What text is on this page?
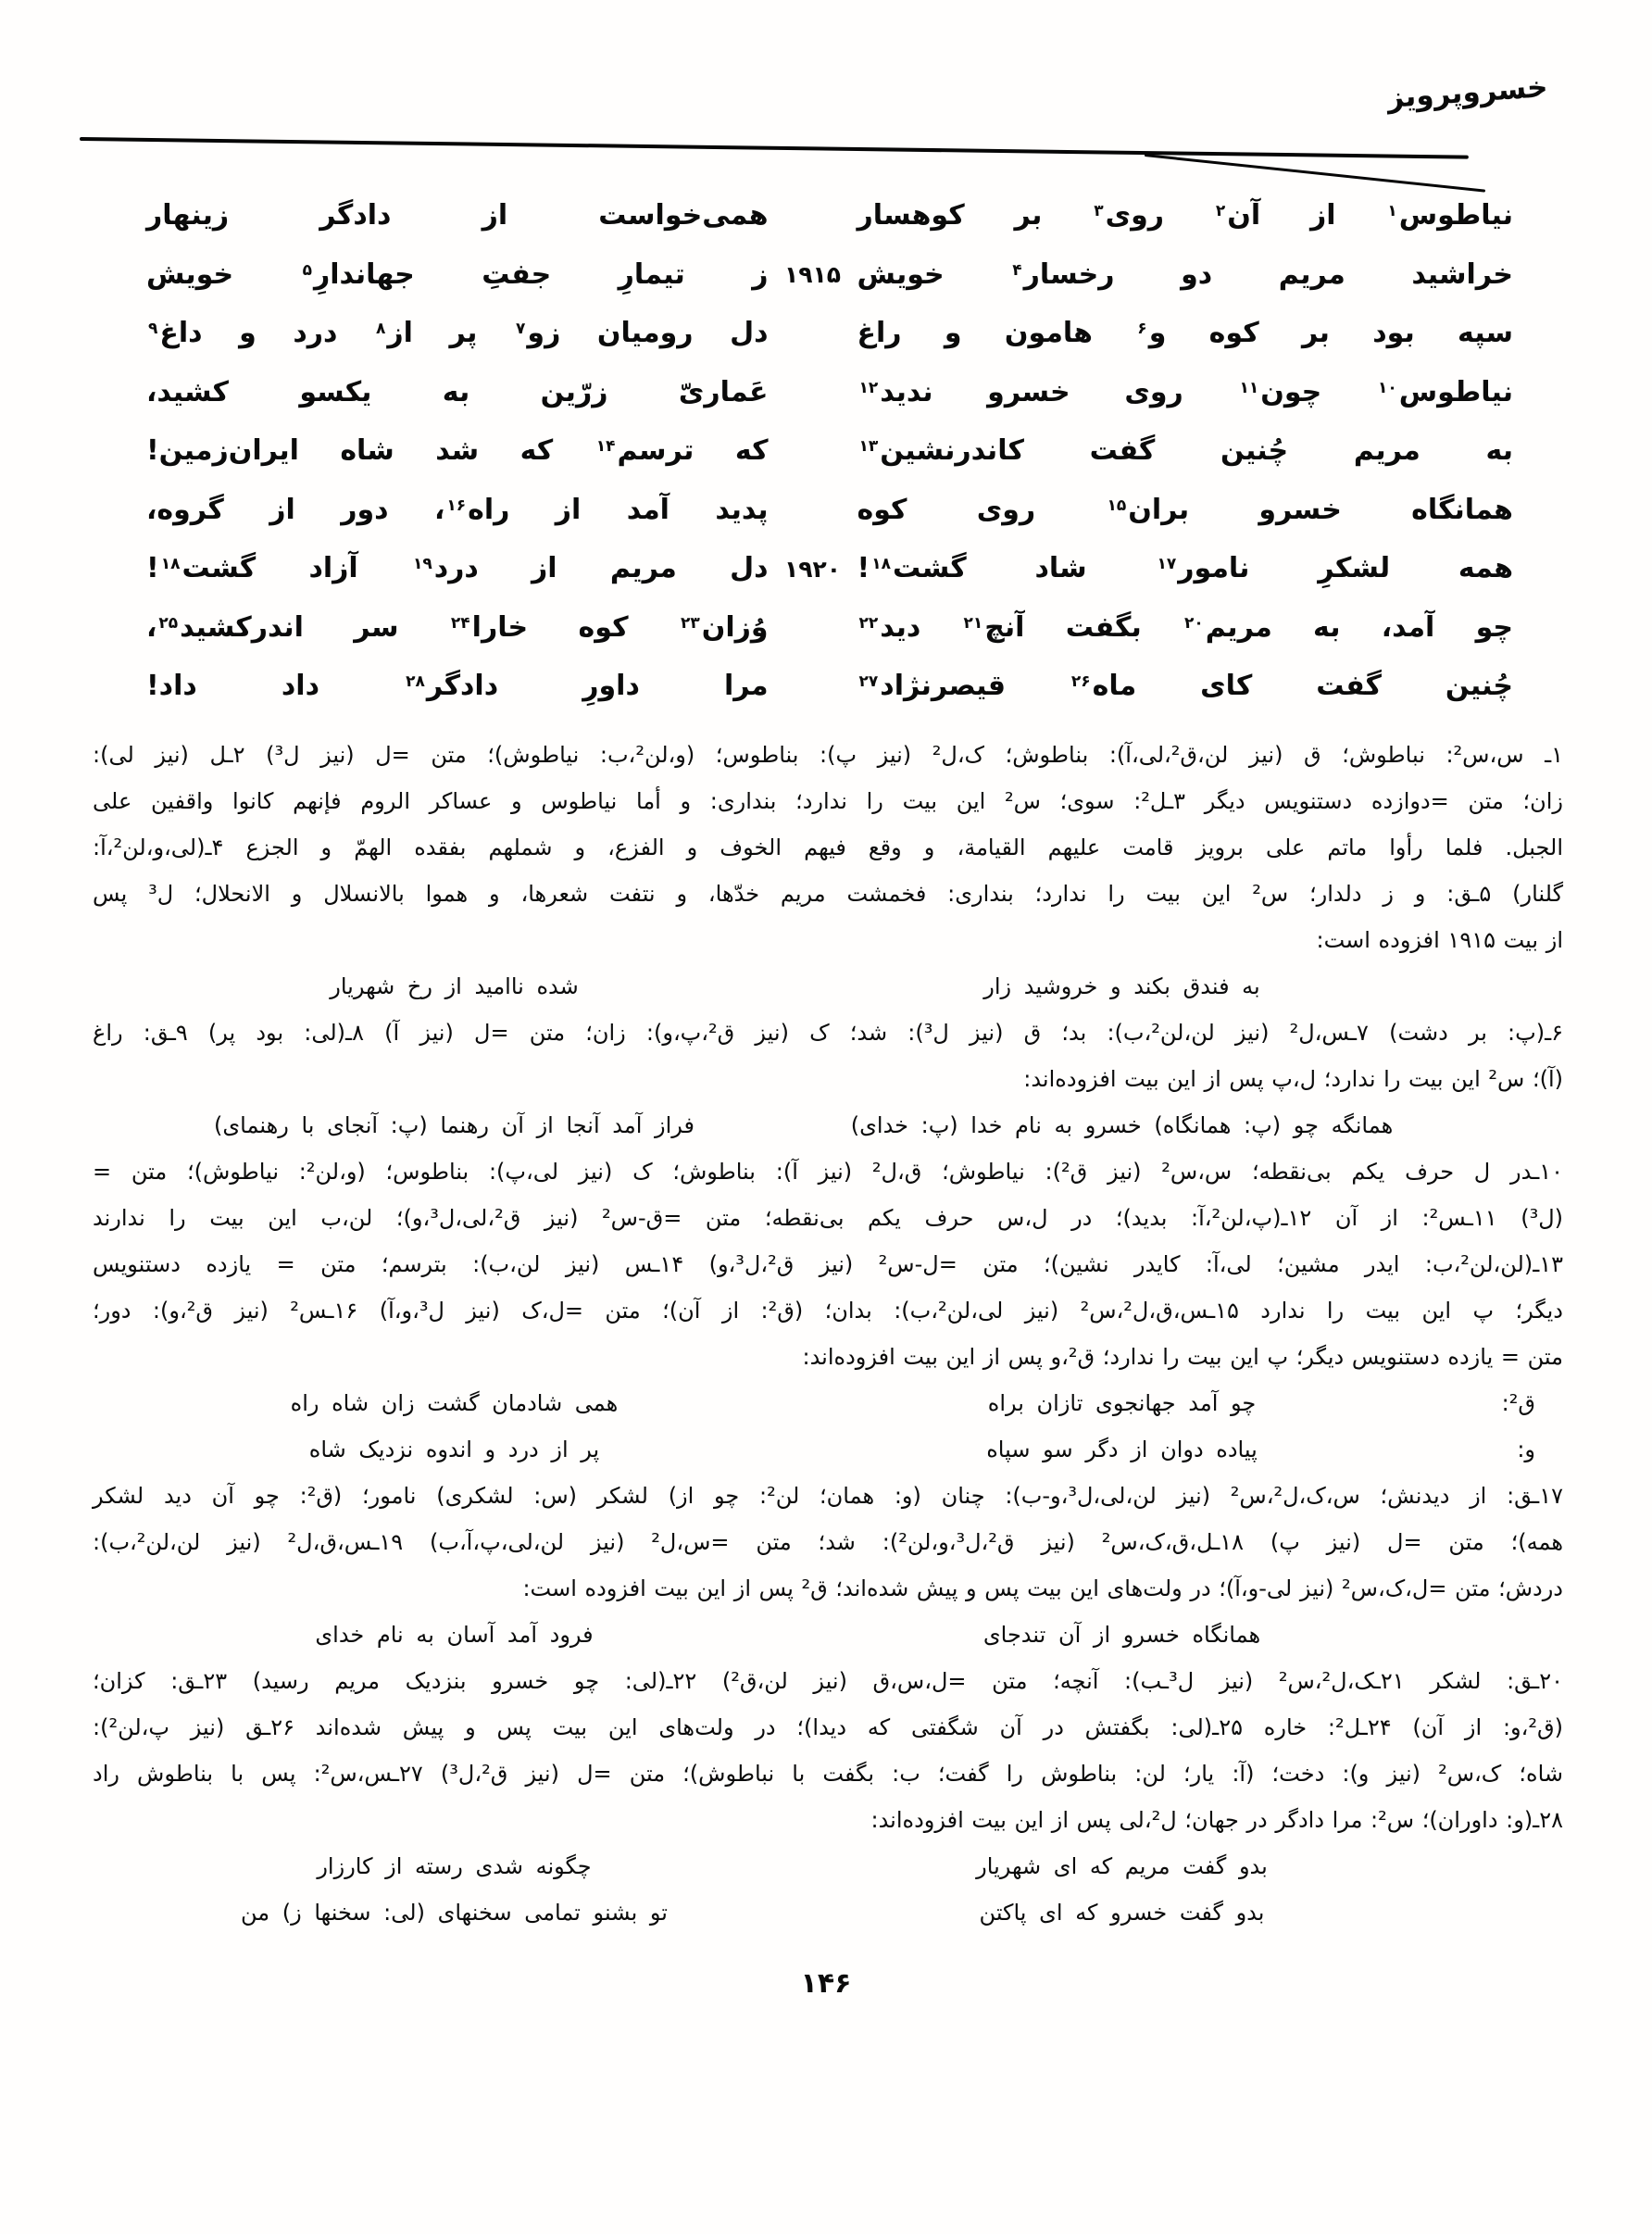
خسروپرویز
نیاطوس$^۱$ از آن$^۲$ روی$^۳$ بر کوهسار
همی‌خواست از دادگر زینهار
خراشید مریم دو رخسار$^۴$ خویش
۱۹۱۵
ز تیمارِ جفتِ جهاندارِ$^۵$ خویش
سپه بود بر کوه و$^۶$ هامون و راغ
دل رومیان زو$^۷$ پر از$^۸$ درد و داغ$^۹$
نیاطوس$^{۱۰}$ چون$^{۱۱}$ روی خسرو ندید$^{۱۲}$
عَماریّ زرّین به یکسو کشید،
به مریم چُنین گفت کاندرنشین$^{۱۳}$
که ترسم$^{۱۴}$ که شد شاه ایران‌زمین!
همانگاه خسرو بران$^{۱۵}$ روی کوه
پدید آمد از راه$^{۱۶}$، دور از گروه،
همه لشکرِ نامور$^{۱۷}$ شاد گشت$^{۱۸}$!
۱۹۲۰
دل مریم از درد$^{۱۹}$ آزاد گشت$^{۱۸}$!
چو آمد، به مریم$^{۲۰}$ بگفت آنچ$^{۲۱}$ دید$^{۲۲}$
وُزان$^{۲۳}$ کوه خارا$^{۲۴}$ سر اندرکشید$^{۲۵}$،
چُنین گفت کای ماه$^{۲۶}$ قیصرنژاد$^{۲۷}$
مرا داورِ دادگر$^{۲۸}$ داد داد!
۱ـ س،س²: نباطوش؛ ق (نیز لن،ق²،لی،آ): بناطوش؛ ک،ل² (نیز پ): بناطوس؛ (و،لن²،ب: نیاطوش)؛ متن =ل (نیز ل³) ۲ـل (نیز لی):
زان؛ متن =دوازده دستنویس دیگر ۳ـل²: سوی؛ س² این بیت را ندارد؛ بنداری: و أما نیاطوس و عساکر الروم فإنهم کانوا واقفین علی
الجبل. فلما رأوا ماتم علی برویز قامت علیهم القیامة، و وقع فیهم الخوف و الفزع، و شملهم بفقده الهمّ و الجزع ۴ـ(لی،و،لن²،آ:
گلنار) ۵ـق: و ز دلدار؛ س² این بیت را ندارد؛ بنداری: فخمشت مریم خدّها، و نتفت شعرها، و هموا بالانسلال و الانحلال؛ ل³ پس
از بیت ۱۹۱۵ افزوده است:
به فندق بکند و خروشید زار
شده ناامید از رخ شهریار
۶ـ(پ: بر دشت) ۷ـس،ل² (نیز لن،لن²،ب): بد؛ ق (نیز ل³): شد؛ ک (نیز ق²،پ،و): زان؛ متن =ل (نیز آ) ۸ـ(لی: بود پر) ۹ـق: راغ
(آ)؛ س² این بیت را ندارد؛ ل،پ پس از این بیت افزوده‌اند:
همانگه چو (پ: همانگاه) خسرو به نام خدا (پ: خدای)
فراز آمد آنجا از آن رهنما (پ: آنجای با رهنمای)
۱۰ـدر ل حرف یکم بی‌نقطه؛ س،س² (نیز ق²): نیاطوش؛ ق،ل² (نیز آ): بناطوش؛ ک (نیز لی،پ): بناطوس؛ (و،لن²: نیاطوش)؛ متن =
(ل³) ۱۱ـس²: از آن ۱۲ـ(پ،لن²،آ: بدید)؛ در ل،س حرف یکم بی‌نقطه؛ متن =ق-س² (نیز ق²،لی،ل³،و)؛ لن،ب این بیت را ندارند
۱۳ـ(لن،لن²،ب: ایدر مشین؛ لی،آ: کایدر نشین)؛ متن =ل-س² (نیز ق²،ل³،و) ۱۴ـس (نیز لن،ب): بترسم؛ متن = یازده دستنویس
دیگر؛ پ این بیت را ندارد ۱۵ـس،ق،ل²،س² (نیز لی،لن²،ب): بدان؛ (ق²: از آن)؛ متن =ل،ک (نیز ل³،و،آ) ۱۶ـس² (نیز ق²،و): دور؛
متن = یازده دستنویس دیگر؛ پ این بیت را ندارد؛ ق²،و پس از این بیت افزوده‌اند:
ق²:
چو آمد جهانجوی تازان براه
همی شادمان گشت زان شاه راه
و:
پیاده دوان از دگر سو سپاه
پر از درد و اندوه نزدیک شاه
۱۷ـق: از دیدنش؛ س،ک،ل²،س² (نیز لن،لی،ل³،و-ب): چنان (و: همان؛ لن²: چو از) لشکر (س: لشکری) نامور؛ (ق²: چو آن دید لشکر
همه)؛ متن =ل (نیز پ) ۱۸ـل،ق،ک،س² (نیز ق²،ل³،و،لن²): شد؛ متن =س،ل² (نیز لن،لی،پ،آ،ب) ۱۹ـس،ق،ل² (نیز لن،لن²،ب):
دردش؛ متن =ل،ک،س² (نیز لی-و،آ)؛ در ولت‌های این بیت پس و پیش شده‌اند؛ ق² پس از این بیت افزوده است:
همانگاه خسرو از آن تندجای
فرود آمد آسان به نام خدای
۲۰ـق: لشکر ۲۱ـک،ل²،س² (نیز ل³ـب): آنچه؛ متن =ل،س،ق (نیز لن،ق²) ۲۲ـ(لی: چو خسرو بنزدیک مریم رسید) ۲۳ـق: کزان؛
(ق²،و: از آن) ۲۴ـل²: خاره ۲۵ـ(لی: بگفتش در آن شگفتی که دیدا)؛ در ولت‌های این بیت پس و پیش شده‌اند ۲۶ـق (نیز پ،لن²):
شاه؛ ک،س² (نیز و): دخت؛ (آ: یار؛ لن: بناطوش را گفت؛ ب: بگفت با نباطوش)؛ متن =ل (نیز ق²،ل³) ۲۷ـس،س²: پس با بناطوش راد
۲۸ـ(و: داوران)؛ س²: مرا دادگر در جهان؛ ل²،لی پس از این بیت افزوده‌اند:
بدو گفت مریم که ای شهریار
چگونه شدی رسته از کارزار
بدو گفت خسرو که ای پاکتن
تو بشنو تمامی سخنهای (لی: سخنها ز) من
۱۴۶
